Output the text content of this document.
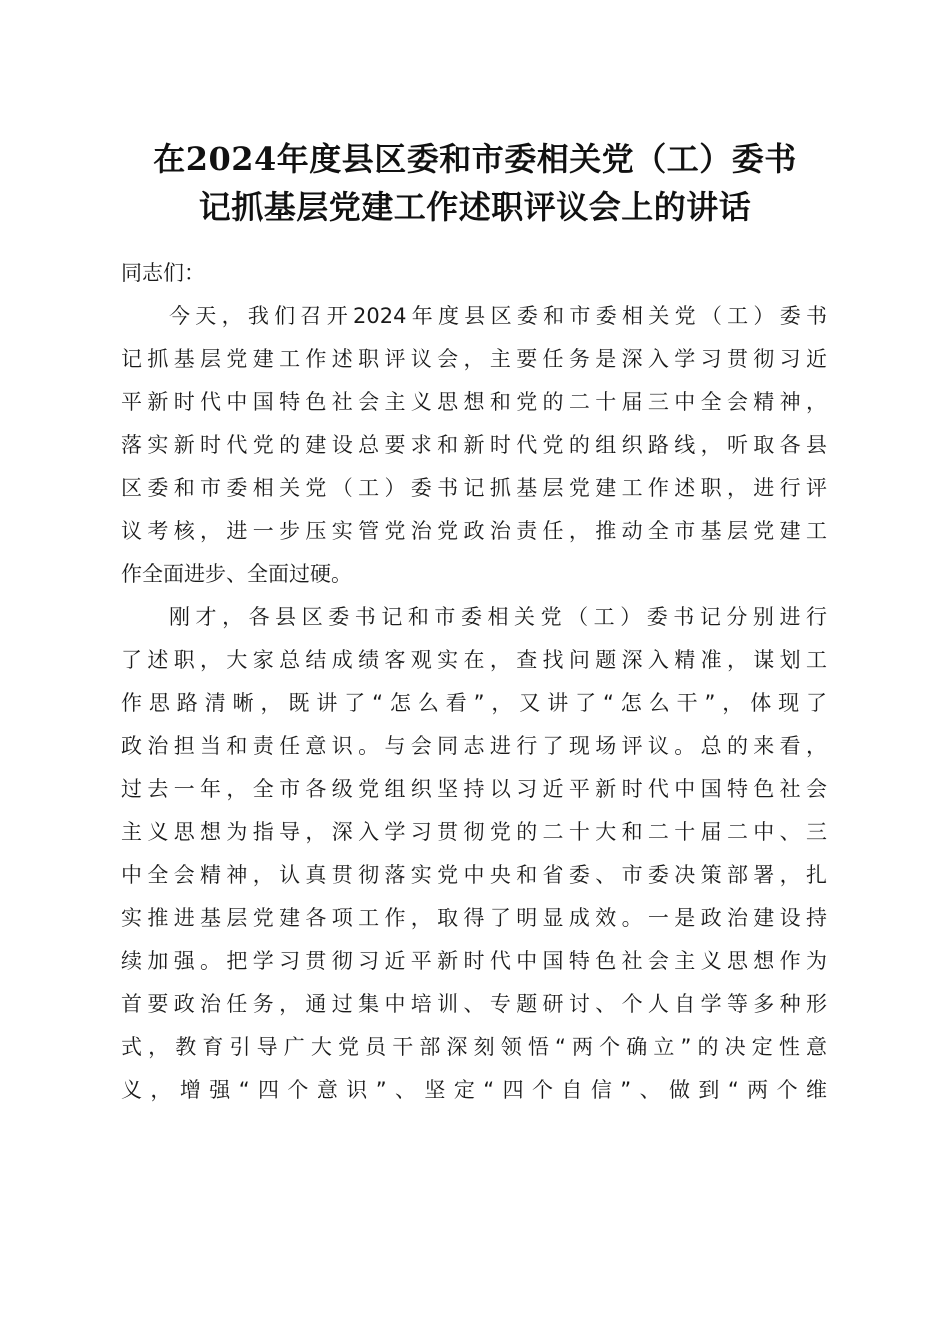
在2024年度县区委和市委相关党（工）委书
记抓基层党建工作述职评议会上的讲话
同志们：
今天，我们召开2024年度县区委和市委相关党（工）委书
记抓基层党建工作述职评议会，主要任务是深入学习贯彻习近
平新时代中国特色社会主义思想和党的二十届三中全会精神，
落实新时代党的建设总要求和新时代党的组织路线，听取各县
区委和市委相关党（工）委书记抓基层党建工作述职，进行评
议考核，进一步压实管党治党政治责任，推动全市基层党建工
作全面进步、全面过硬。
刚才，各县区委书记和市委相关党（工）委书记分别进行
了述职，大家总结成绩客观实在，查找问题深入精准，谋划工
作思路清晰，既讲了“怎么看”，又讲了“怎么干”，体现了
政治担当和责任意识。与会同志进行了现场评议。总的来看，
过去一年，全市各级党组织坚持以习近平新时代中国特色社会
主义思想为指导，深入学习贯彻党的二十大和二十届二中、三
中全会精神，认真贯彻落实党中央和省委、市委决策部署，扎
实推进基层党建各项工作，取得了明显成效。一是政治建设持
续加强。把学习贯彻习近平新时代中国特色社会主义思想作为
首要政治任务，通过集中培训、专题研讨、个人自学等多种形
式，教育引导广大党员干部深刻领悟“两个确立”的决定性意
义，增强“四个意识”、坚定“四个自信”、做到“两个维
